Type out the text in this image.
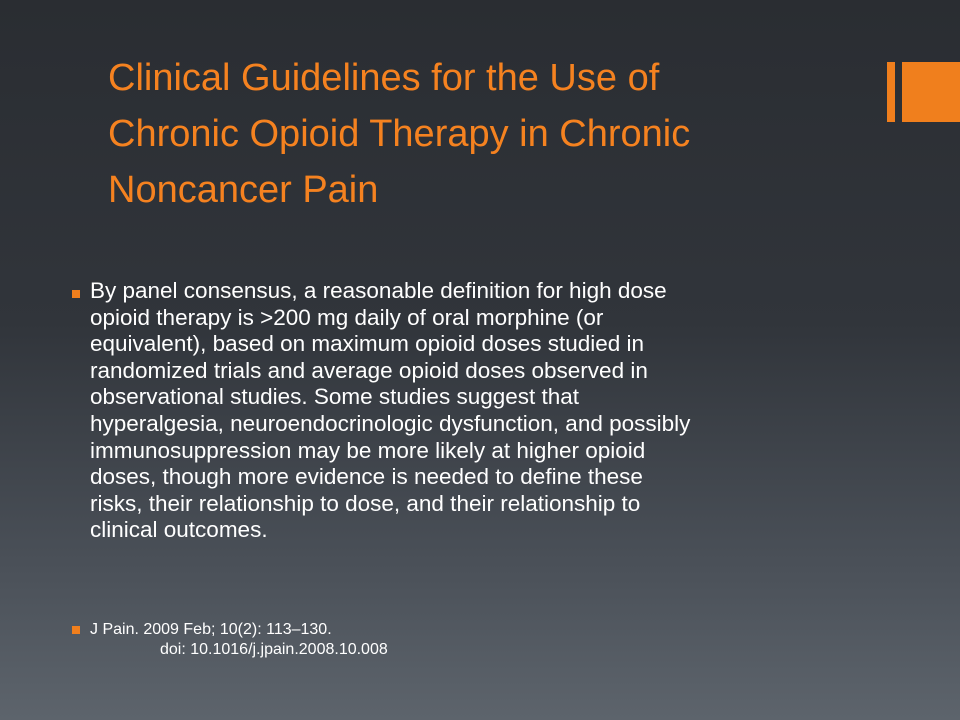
Clinical Guidelines for the Use of
Chronic Opioid Therapy in Chronic
Noncancer Pain
By panel consensus, a reasonable definition for high dose
opioid therapy is >200 mg daily of oral morphine (or
equivalent), based on maximum opioid doses studied in
randomized trials and average opioid doses observed in
observational studies. Some studies suggest that
hyperalgesia, neuroendocrinologic dysfunction, and possibly
immunosuppression may be more likely at higher opioid
doses, though more evidence is needed to define these
risks, their relationship to dose, and their relationship to
clinical outcomes.
J Pain. 2009 Feb; 10(2): 113–130.
doi: 10.1016/j.jpain.2008.10.008
